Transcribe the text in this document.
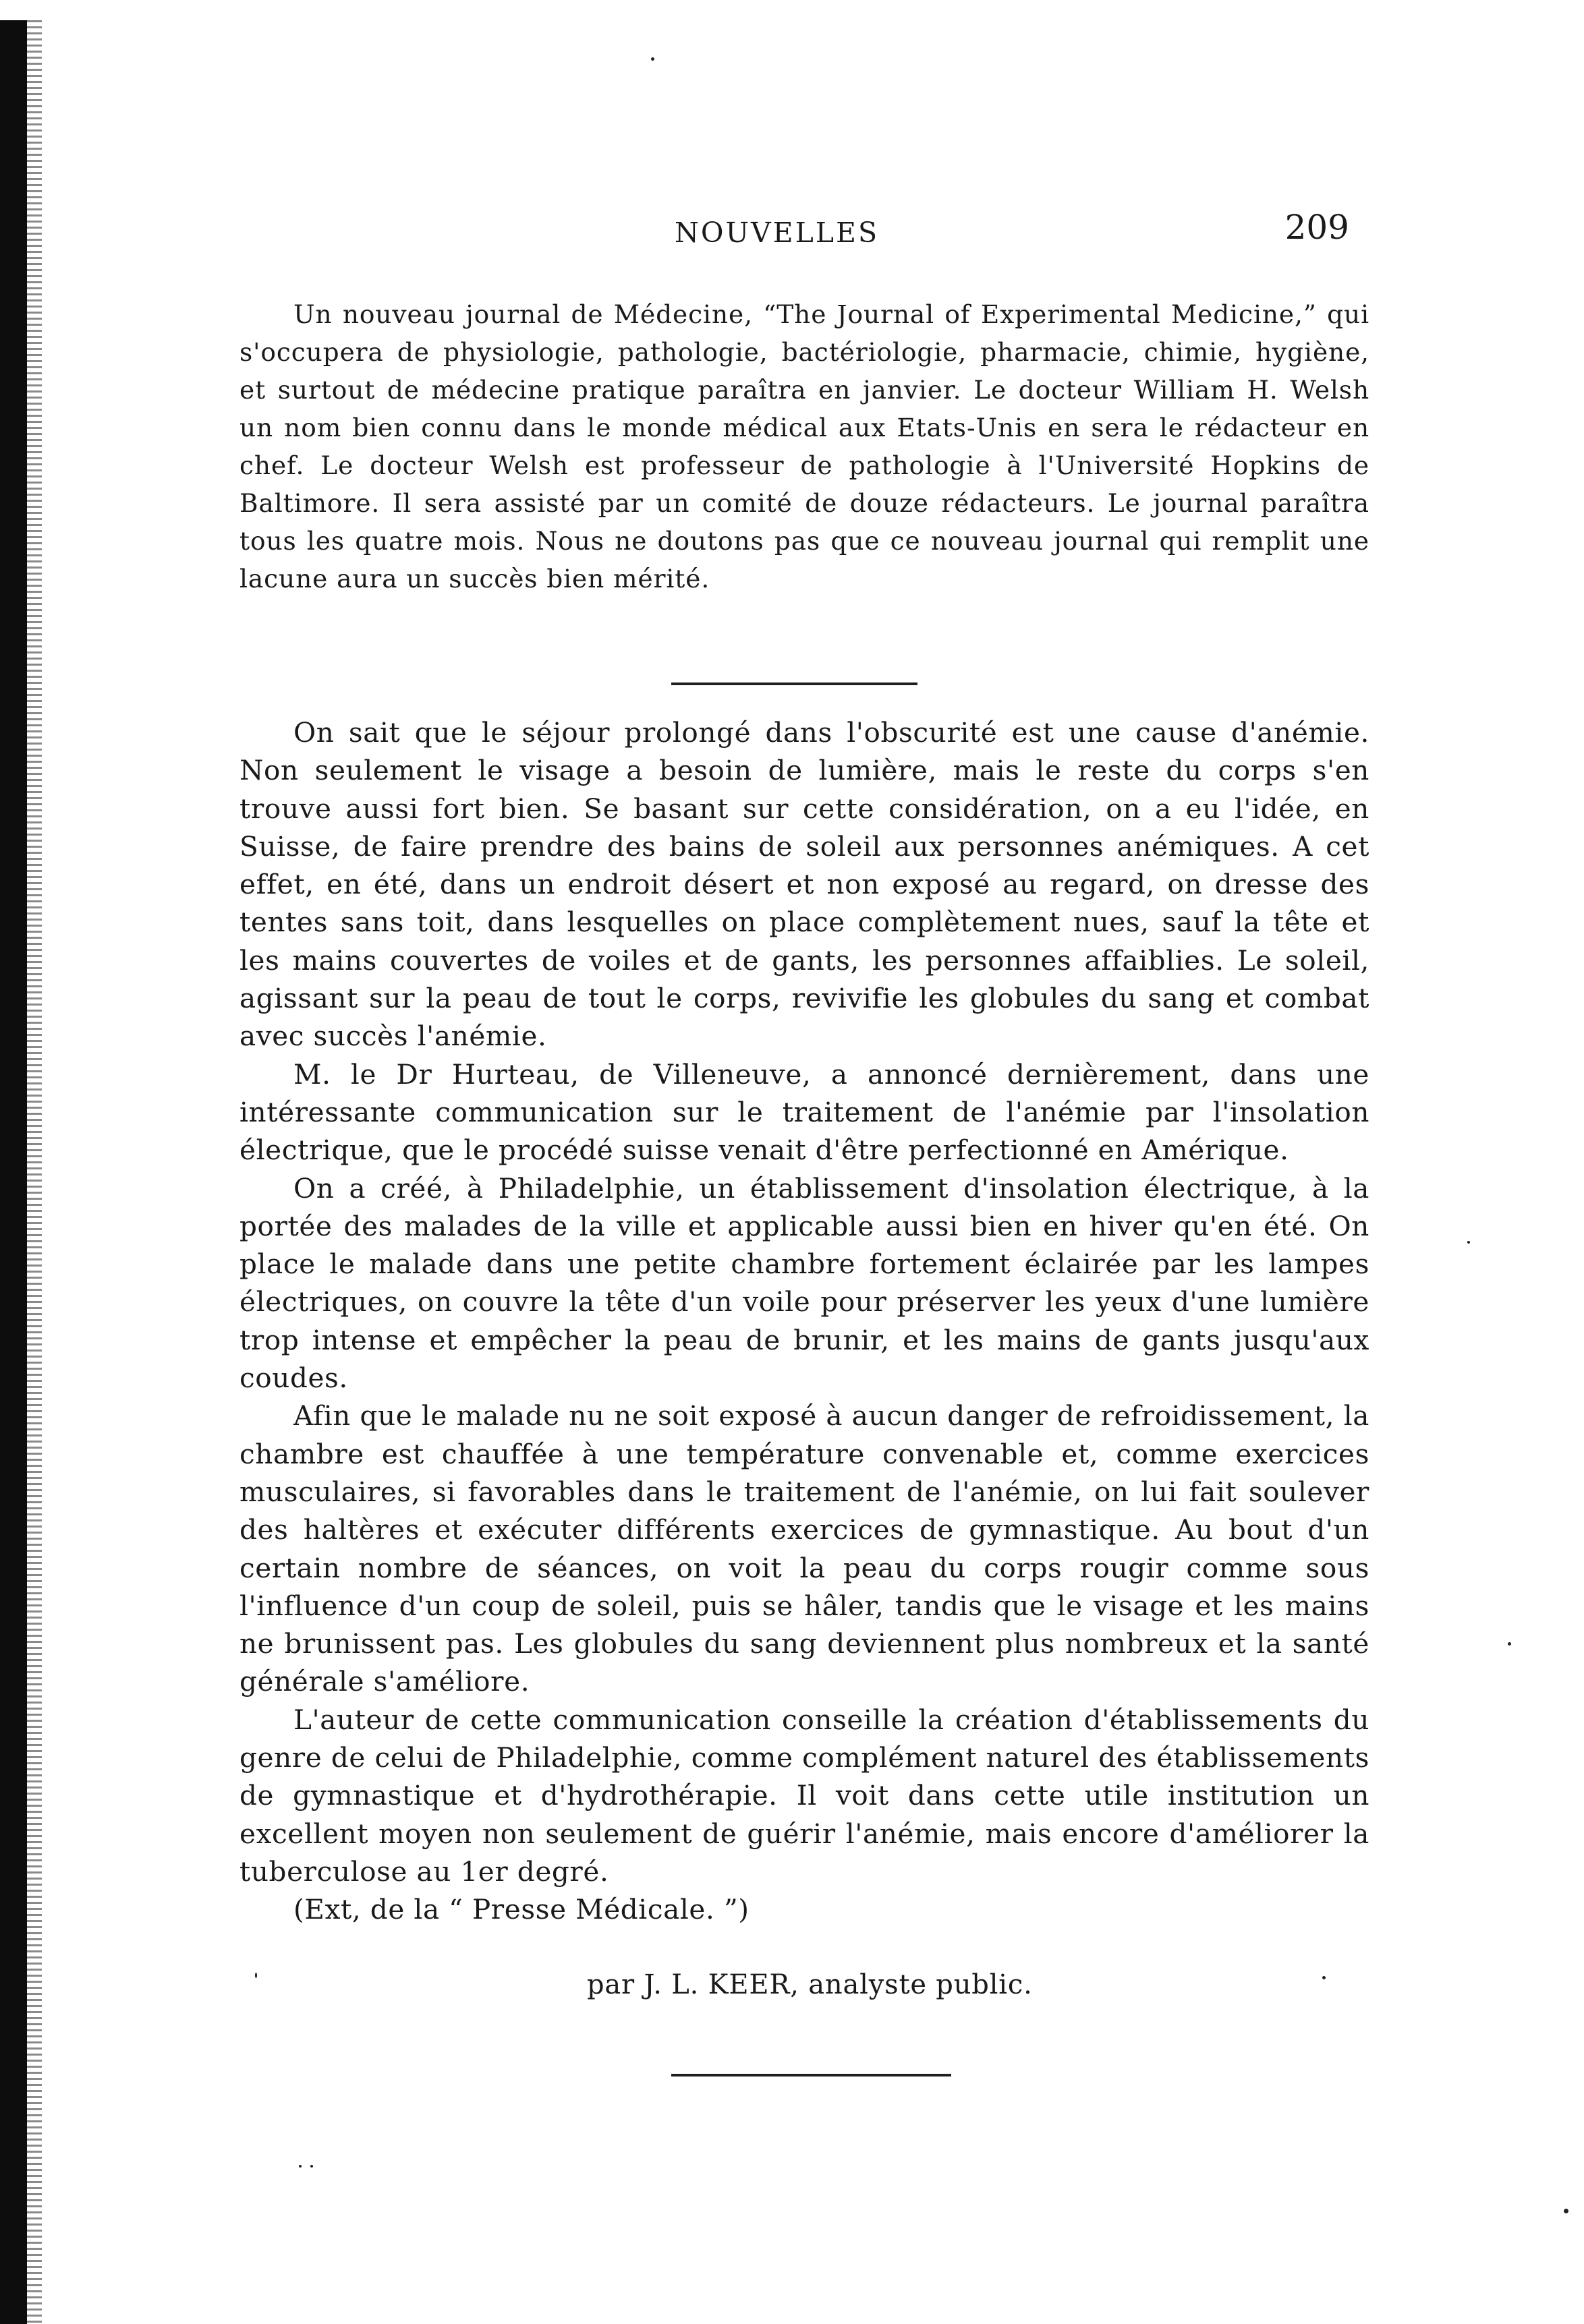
NOUVELLES	209

Un nouveau journal de Médecine, “The Journal of Experimental Medicine,” qui s'occupera de physiologie, pathologie, bactériologie, pharmacie, chimie, hygiène, et surtout de médecine pratique paraîtra en janvier. Le docteur William H. Welsh un nom bien connu dans le monde médical aux Etats-Unis en sera le rédacteur en chef. Le docteur Welsh est professeur de pathologie à l'Université Hopkins de Baltimore. Il sera assisté par un comité de douze rédacteurs. Le journal paraîtra tous les quatre mois. Nous ne doutons pas que ce nouveau journal qui remplit une lacune aura un succès bien mérité.

On sait que le séjour prolongé dans l'obscurité est une cause d'anémie. Non seulement le visage a besoin de lumière, mais le reste du corps s'en trouve aussi fort bien. Se basant sur cette considération, on a eu l'idée, en Suisse, de faire prendre des bains de soleil aux personnes anémiques. A cet effet, en été, dans un endroit désert et non exposé au regard, on dresse des tentes sans toit, dans lesquelles on place complètement nues, sauf la tête et les mains couvertes de voiles et de gants, les personnes affaiblies. Le soleil, agissant sur la peau de tout le corps, revivifie les globules du sang et combat avec succès l'anémie.

M. le Dr Hurteau, de Villeneuve, a annoncé dernièrement, dans une intéressante communication sur le traitement de l'anémie par l'insolation électrique, que le procédé suisse venait d'être perfectionné en Amérique.

On a créé, à Philadelphie, un établissement d'insolation électrique, à la portée des malades de la ville et applicable aussi bien en hiver qu'en été. On place le malade dans une petite chambre fortement éclairée par les lampes électriques, on couvre la tête d'un voile pour préserver les yeux d'une lumière trop intense et empêcher la peau de brunir, et les mains de gants jusqu'aux coudes.

Afin que le malade nu ne soit exposé à aucun danger de refroidissement, la chambre est chauffée à une température convenable et, comme exercices musculaires, si favorables dans le traitement de l'anémie, on lui fait soulever des haltères et exécuter différents exercices de gymnastique. Au bout d'un certain nombre de séances, on voit la peau du corps rougir comme sous l'influence d'un coup de soleil, puis se hâler, tandis que le visage et les mains ne brunissent pas. Les globules du sang deviennent plus nombreux et la santé générale s'améliore.

L'auteur de cette communication conseille la création d'établissements du genre de celui de Philadelphie, comme complément naturel des établissements de gymnastique et d'hydrothérapie. Il voit dans cette utile institution un excellent moyen non seulement de guérir l'anémie, mais encore d'améliorer la tuberculose au 1er degré.

(Ext, de la “ Presse Médicale. ”)

par J. L. KEER, analyste public.
